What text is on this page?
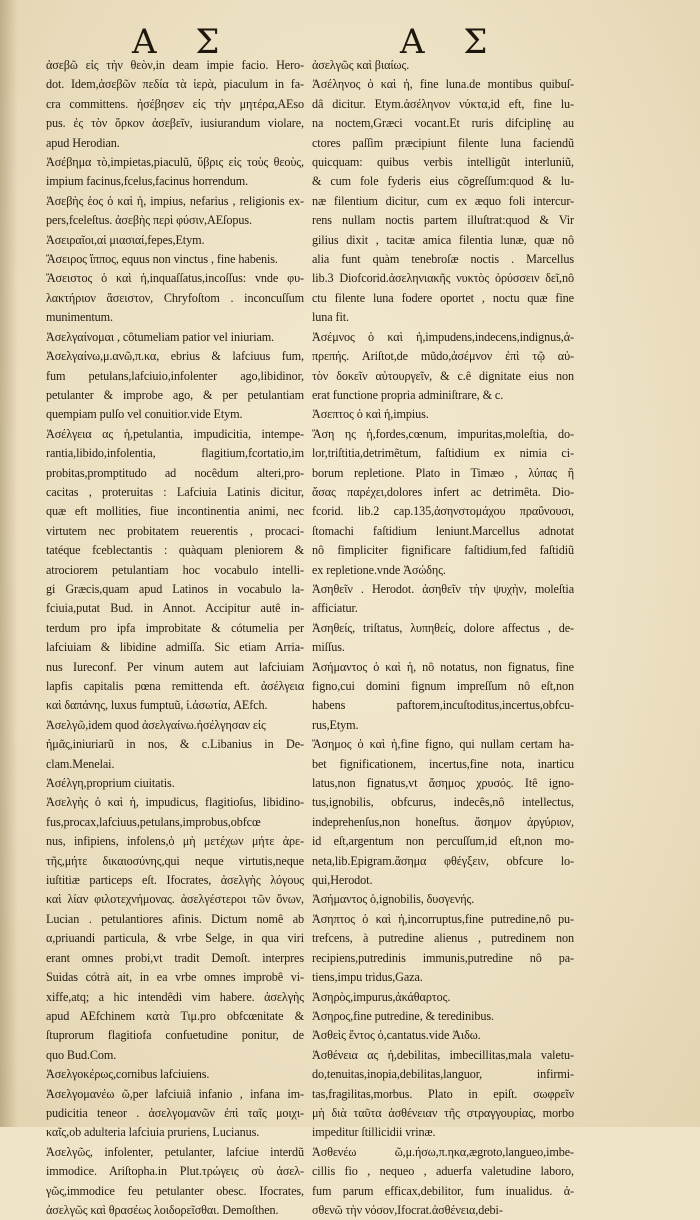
Α Σ	Α Σ
ἀσεβῶ εἰς τὴν θεὸν,in deam impie facio. Hero-
dot. Idem,ἀσεβῶν πεδία τὰ ἱερὰ, piaculum in fa-
cra committens. ἠσέβησεν εἰς τὴν μητέρα,AEso
pus. ἐς τὸν ὅρκον ἀσεβεῖν, iusiurandum violare,
apud Herodian.
Ἀσέβημα τὸ,impietas,piaculũ, ὕβρις εἰς τοὺς θεοὺς,
impium facinus,fcelus,facinus horrendum.
Ἀσεβὴς ἑος ὁ καὶ ἡ, impius, nefarius , religionis ex-
pers,fceleſtus. ἀσεβὴς περὶ φύσιν,AEſopus.
Ἀσειραῖοι,αἱ μιασιαί,fepes,Etym.
Ἄσειρος ἵππος, equus non vinctus , fine habenis.
Ἄσειστος ὁ καὶ ἡ,inquaſſatus,incoſſus: vnde φυ-
λακτήριον ἄσειστον, Chryfoſtom . inconcuſſum
munimentum.
Ἀσελγαίνομαι , côtumeliam patior vel iniuriam.
Ἀσελγαίνω,μ.ανῶ,π.κα, ebrius & lafciuus fum,
fum petulans,lafciuio,infolenter ago,libidinor,
petulanter & improbe ago, & per petulantiam
quempiam pulſo vel conuitior.vide Etym.
Ἀσέλγεια ας ἡ,petulantia, impudicitia, intempe-
rantia,libido,infolentia, flagitium,fcortatio,im
probitas,promptitudo ad nocêdum alteri,pro-
cacitas , proteruitas : Lafciuia Latinis dicitur,
quæ eft mollities, fiue incontinentia animi, nec
virtutem nec probitatem reuerentis , procaci-
tatéque fceblectantis : quàquam pleniorem &
atrociorem petulantiam hoc vocabulo intelli-
gi Græcis,quam apud Latinos in vocabulo la-
fciuia,putat Bud. in Annot. Accipitur autê in-
terdum pro ipfa improbitate & cótumelia per
lafciuiam & libidine admiſſa. Sic etiam Arria-
nus Iureconf. Per vinum autem aut lafciuiam
lapfis capitalis pœna remittenda eft. ἀσέλγεια
καὶ δαπάνης, luxus fumptuũ, ἱ.ἀσωτία, AEfch.
Ἀσελγῶ,idem quod ἀσελγαίνω.ἠσέλγησαν εἰς
ἡμᾶς,iniuriarũ in nos, & c.Libanius in De-
clam.Menelai.
Ἀσέλγη,proprium ciuitatis.
Ἀσελγὴς ὁ καὶ ἡ, impudicus, flagitioſus, libidino-
fus,procax,lafciuus,petulans,improbus,obfcœ
nus, infipiens, infolens,ὁ μὴ μετέχων μήτε ἀρε-
τῆς,μήτε δικαιοσύνης,qui neque virtutis,neque
iuſtitiæ particeps eſt. Ifocrates, ἀσελγὴς λόγους
καὶ λίαν φιλοτεχνήμονας. ἀσελγέστεροι τῶν ὄνων,
Lucian . petulantiores afinis. Dictum nomê ab
α,priuandi particula, & vrbe Selge, in qua viri
erant omnes probi,vt tradit Demoſt. interpres
Suidas cótrà ait, in ea vrbe omnes improbê vi-
xiffe,atq; a hic intendêdi vim habere. ἀσελγὴς
apud AEfchinem κατὰ Τιμ.pro obfcœnitate &
ſtuprorum flagitiofa confuetudine ponitur, de
quo Bud.Com.
Ἀσελγοκέρως,cornibus lafciuiens.
Ἀσελγομανέω ῶ,per lafciuiâ infanio , infana im-
pudicitia teneor . ἀσελγομανῶν ἐπὶ ταῖς μοιχι-
καῖς,ob adulteria lafciuia pruriens, Lucianus.
Ἀσελγῶς, infolenter, petulanter, lafciue interdũ
immodice. Ariſtopha.in Plut.τρώγεις σὺ ἀσελ-
γῶς,immodice feu petulanter obesc. Ifocrates,
ἀσελγῶς καὶ θρασέως λοιδορεῖσθαι. Demoſthen.
ἀσελγῶς καὶ βιαίως.
Ἀσέληνος ὁ καὶ ἡ, fine luna.de montibus quibuſ-
dâ dicitur. Etym.ἀσέληνον νύκτα,id eft, fine lu-
na noctem,Græci vocant.Et ruris difciplinę au
ctores paſſim præcipiunt filente luna faciendũ
quicquam: quibus verbis intelligũt interluniũ,
& cum fole fyderis eius cõgreſſum:quod & lu-
næ filentium dicitur, cum ex æquo foli intercur-
rens nullam noctis partem illuſtrat:quod & Vir
gilius dixit , tacitæ amica filentia lunæ, quæ nô
alia funt quàm tenebroſæ noctis . Marcellus
lib.3 Diofcorid.ἀσεληνιακῆς νυκτὸς ὀρύσσειν δεῖ,nô
ctu filente luna fodere oportet , noctu quæ fine
luna fit.
Ἀσέμνος ὁ καὶ ἡ,impudens,indecens,indignus,ἀ-
πρεπής. Ariſtot,de mũdo,ἀσέμνον ἐπὶ τῷ αὐ-
τὸν δοκεῖν αὐτουργεῖν, & c.ê dignitate eius non
erat functione propria adminiſtrare, & c.
Ἀσεπτος ὁ καὶ ἡ,impius.
Ἄση ης ἡ,fordes,cœnum, impuritas,moleſtia, do-
lor,triſtitia,detrimẽtum, faſtidium ex nimia ci-
borum repletione. Plato in Timæo , λύπας ἢ
ἄσας παρέχει,dolores infert ac detrimêta. Dio-
fcorid. lib.2 cap.135,ἀσηνστομάχου πραΰνουσι,
ſtomachi faſtidium leniunt.Marcellus adnotat
nô fimpliciter fignificare faſtidium,fed faſtidiũ
ex repletione.vnde Ἀσώδης.
Ἀσηθεῖν . Herodot. ἀσηθεῖν τὴν ψυχὴν, moleſtia
afficiatur.
Ἀσηθείς, triſtatus, λυπηθείς, dolore affectus , de-
miſſus.
Ἀσήμαντος ὁ καὶ ἡ, nô notatus, non fignatus, fine
figno,cui domini fignum impreſſum nô eſt,non
habens paftorem,incuſtoditus,incertus,obfcu-
rus,Etym.
Ἄσημος ὁ καὶ ἡ,fine figno, qui nullam certam ha-
bet fignificationem, incertus,fine nota, inarticu
latus,non fignatus,vt ἄσημος χρυσός. Itê igno-
tus,ignobilis, obfcurus, indecês,nô intellectus,
indeprehenſus,non honeſtus. ἄσημον ἀργύριον,
id eſt,argentum non percuſſum,id eſt,non mo-
neta,lib.Epigram.ἄσημα φθέγξειν, obfcure lo-
qui,Herodot.
Ἀσήμαντος ὁ,ignobilis, δυσγενής.
Ἀσηπτος ὁ καὶ ἡ,incorruptus,fine putredine,nô pu-
trefcens, à putredine alienus , putredinem non
recipiens,putredinis immunis,putredine nô pa-
tiens,impu tridus,Gaza.
Ἀσηρὸς,impurus,ἀκάθαρτος.
Ἀσηρος,fine putredine, & teredinibus.
Ἀσθεὶς ἔντος ὁ,cantatus.vide Ἀιδω.
Ἀσθένεια ας ἡ,debilitas, imbecillitas,mala valetu-
do,tenuitas,inopia,debilitas,languor, infirmi-
tas,fragilitas,morbus. Plato in epiſt. σωφρεῖν
μὴ διὰ ταῦτα ἀσθένειαν τῆς στραγγουρίας, morbo
impeditur ſtillicidii vrinæ.
Ἀσθενέω ῶ,μ.ήσω,π.ηκα,ægroto,langueo,imbe-
cillis fio , nequeo , aduerfa valetudine laboro,
fum parum efficax,debilitor, fum inualidus. ἀ-
σθενῶ τὴν νόσον,Ifocrat.ἀσθένεια,debi-
